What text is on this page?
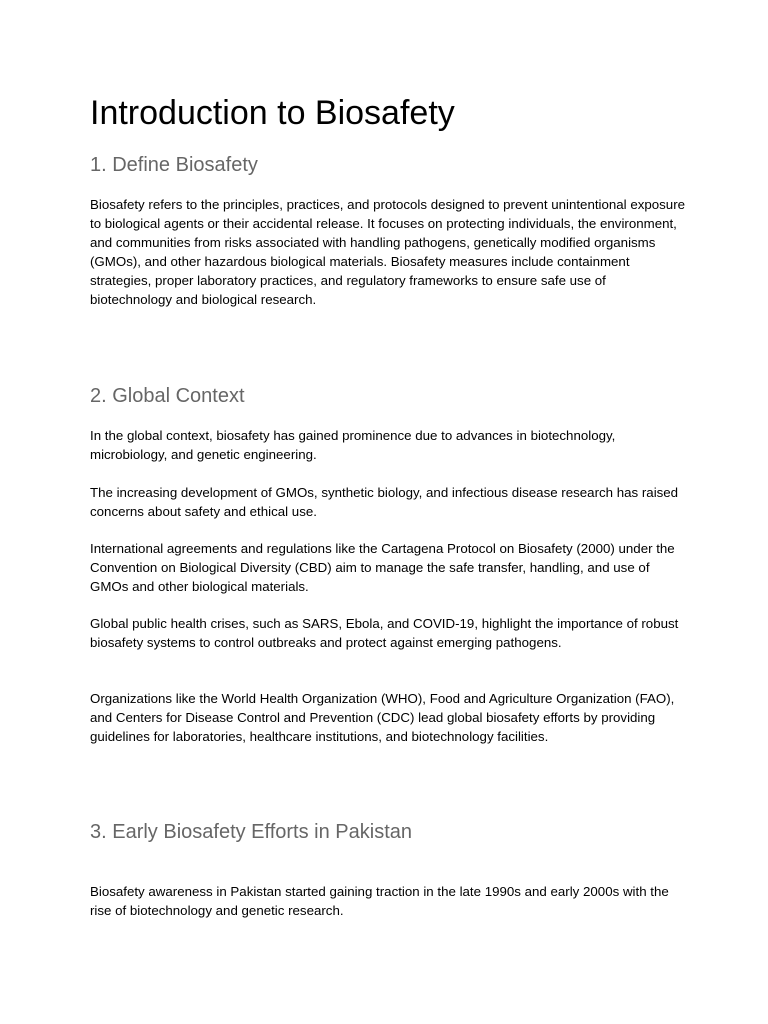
Introduction to Biosafety
1. Define Biosafety

Biosafety refers to the principles, practices, and protocols designed to prevent unintentional exposure to biological agents or their accidental release. It focuses on protecting individuals, the environment, and communities from risks associated with handling pathogens, genetically modified organisms (GMOs), and other hazardous biological materials. Biosafety measures include containment strategies, proper laboratory practices, and regulatory frameworks to ensure safe use of biotechnology and biological research.

2. Global Context

In the global context, biosafety has gained prominence due to advances in biotechnology, microbiology, and genetic engineering.

The increasing development of GMOs, synthetic biology, and infectious disease research has raised concerns about safety and ethical use.

International agreements and regulations like the Cartagena Protocol on Biosafety (2000) under the Convention on Biological Diversity (CBD) aim to manage the safe transfer, handling, and use of GMOs and other biological materials.

Global public health crises, such as SARS, Ebola, and COVID-19, highlight the importance of robust biosafety systems to control outbreaks and protect against emerging pathogens.

Organizations like the World Health Organization (WHO), Food and Agriculture Organization (FAO), and Centers for Disease Control and Prevention (CDC) lead global biosafety efforts by providing guidelines for laboratories, healthcare institutions, and biotechnology facilities.

3. Early Biosafety Efforts in Pakistan

Biosafety awareness in Pakistan started gaining traction in the late 1990s and early 2000s with the rise of biotechnology and genetic research.
